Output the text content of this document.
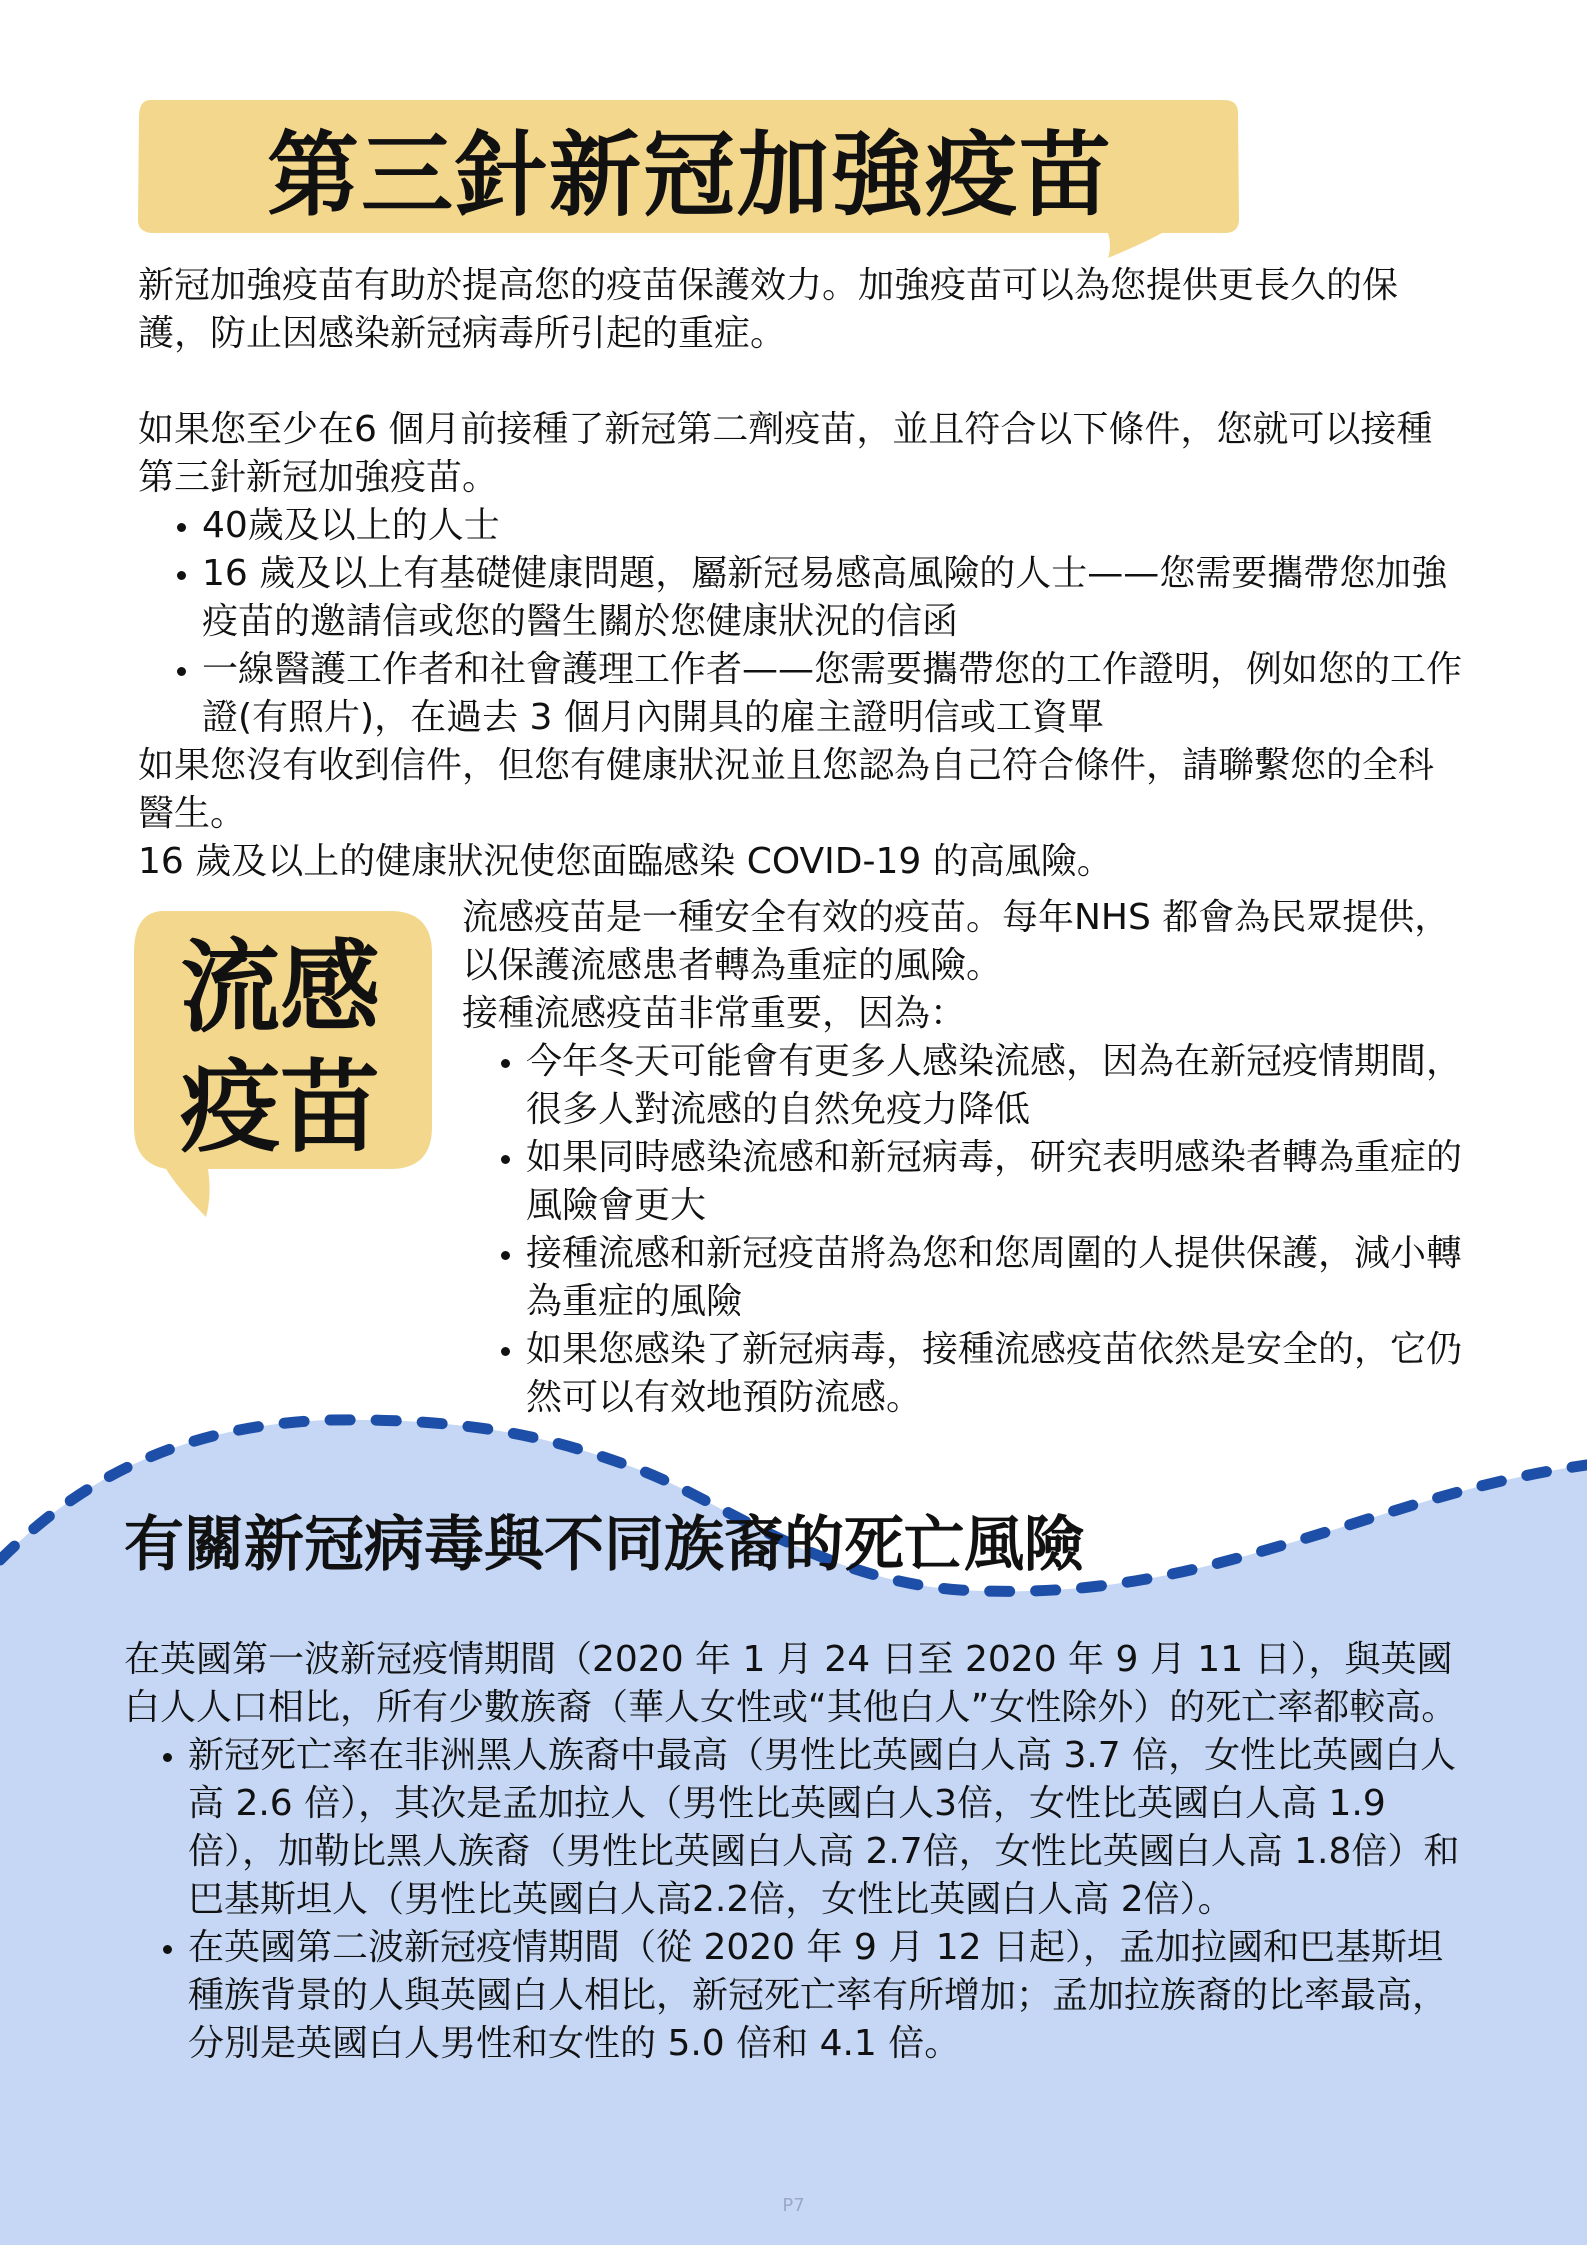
第三針新冠加強疫苗

新冠加強疫苗有助於提高您的疫苗保護效力。加強疫苗可以為您提供更長久的保護，防止因感染新冠病毒所引起的重症。

如果您至少在6 個月前接種了新冠第二劑疫苗，並且符合以下條件，您就可以接種第三針新冠加強疫苗。

• 40歲及以上的人士
• 16 歲及以上有基礎健康問題，屬新冠易感高風險的人士——您需要攜帶您加強疫苗的邀請信或您的醫生關於您健康狀況的信函
• 一線醫護工作者和社會護理工作者——您需要攜帶您的工作證明，例如您的工作證(有照片)，在過去 3 個月內開具的雇主證明信或工資單

如果您沒有收到信件，但您有健康狀況並且您認為自己符合條件，請聯繫您的全科醫生。

16 歲及以上的健康狀況使您面臨感染 COVID-19 的高風險。

流感
疫苗

流感疫苗是一種安全有效的疫苗。每年NHS 都會為民眾提供，以保護流感患者轉為重症的風險。

接種流感疫苗非常重要，因為：

• 今年冬天可能會有更多人感染流感，因為在新冠疫情期間，很多人對流感的自然免疫力降低
• 如果同時感染流感和新冠病毒，研究表明感染者轉為重症的風險會更大
• 接種流感和新冠疫苗將為您和您周圍的人提供保護，減小轉為重症的風險
• 如果您感染了新冠病毒，接種流感疫苗依然是安全的，它仍然可以有效地預防流感。
有關新冠病毒與不同族裔的死亡風險

在英國第一波新冠疫情期間（2020 年 1 月 24 日至 2020 年 9 月 11 日），與英國白人人口相比，所有少數族裔（華人女性或“其他白人”女性除外）的死亡率都較高。

• 新冠死亡率在非洲黑人族裔中最高（男性比英國白人高 3.7 倍，女性比英國白人高 2.6 倍），其次是孟加拉人（男性比英國白人3倍，女性比英國白人高 1.9 倍），加勒比黑人族裔（男性比英國白人高 2.7倍，女性比英國白人高 1.8倍）和巴基斯坦人（男性比英國白人高2.2倍，女性比英國白人高 2倍）。
• 在英國第二波新冠疫情期間（從 2020 年 9 月 12 日起），孟加拉國和巴基斯坦種族背景的人與英國白人相比，新冠死亡率有所增加；孟加拉族裔的比率最高，分別是英國白人男性和女性的 5.0 倍和 4.1 倍。
P7
